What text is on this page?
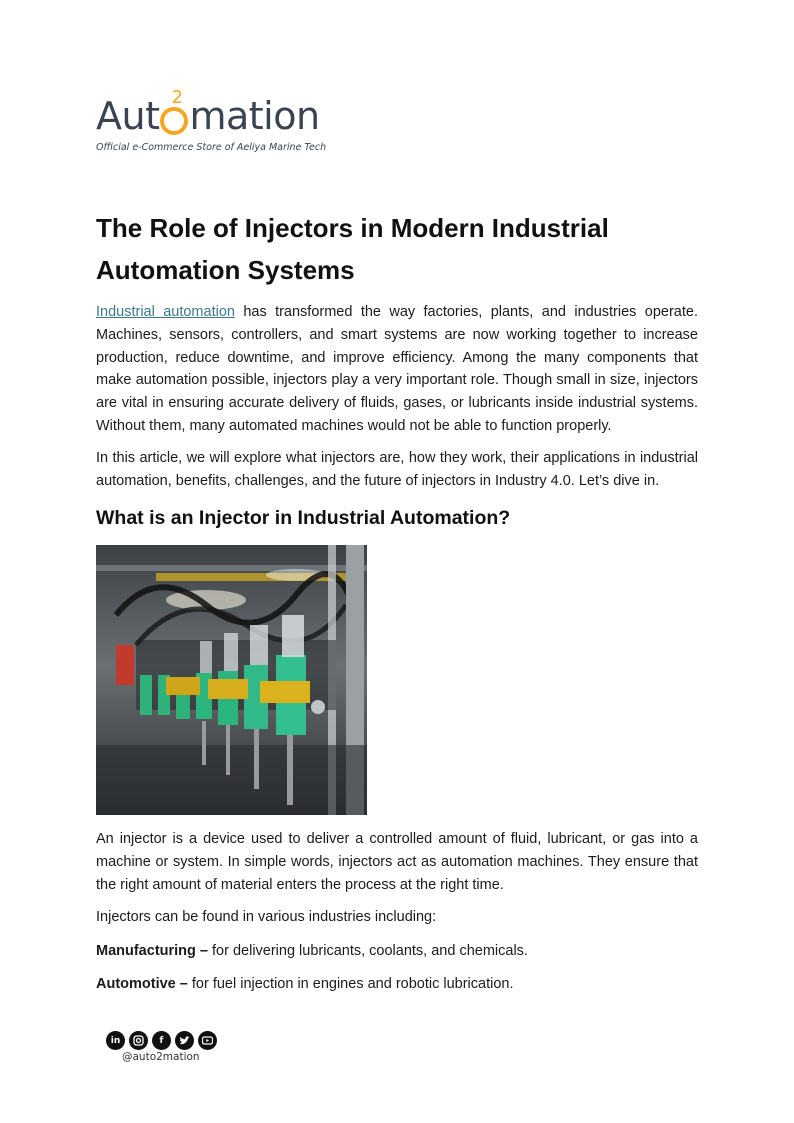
Aut 2 mation
Official e-Commerce Store of Aeliya Marine Tech
The Role of Injectors in Modern Industrial Automation Systems

Industrial automation has transformed the way factories, plants, and industries operate. Machines, sensors, controllers, and smart systems are now working together to increase production, reduce downtime, and improve efficiency. Among the many components that make automation possible, injectors play a very important role. Though small in size, injectors are vital in ensuring accurate delivery of fluids, gases, or lubricants inside industrial systems. Without them, many automated machines would not be able to function properly.

In this article, we will explore what injectors are, how they work, their applications in industrial automation, benefits, challenges, and the future of injectors in Industry 4.0. Let’s dive in.

What is an Injector in Industrial Automation?

An injector is a device used to deliver a controlled amount of fluid, lubricant, or gas into a machine or system. In simple words, injectors act as automation machines. They ensure that the right amount of material enters the process at the right time.

Injectors can be found in various industries including:

Manufacturing – for delivering lubricants, coolants, and chemicals.

Automotive – for fuel injection in engines and robotic lubrication.

in	f
@auto2mation
